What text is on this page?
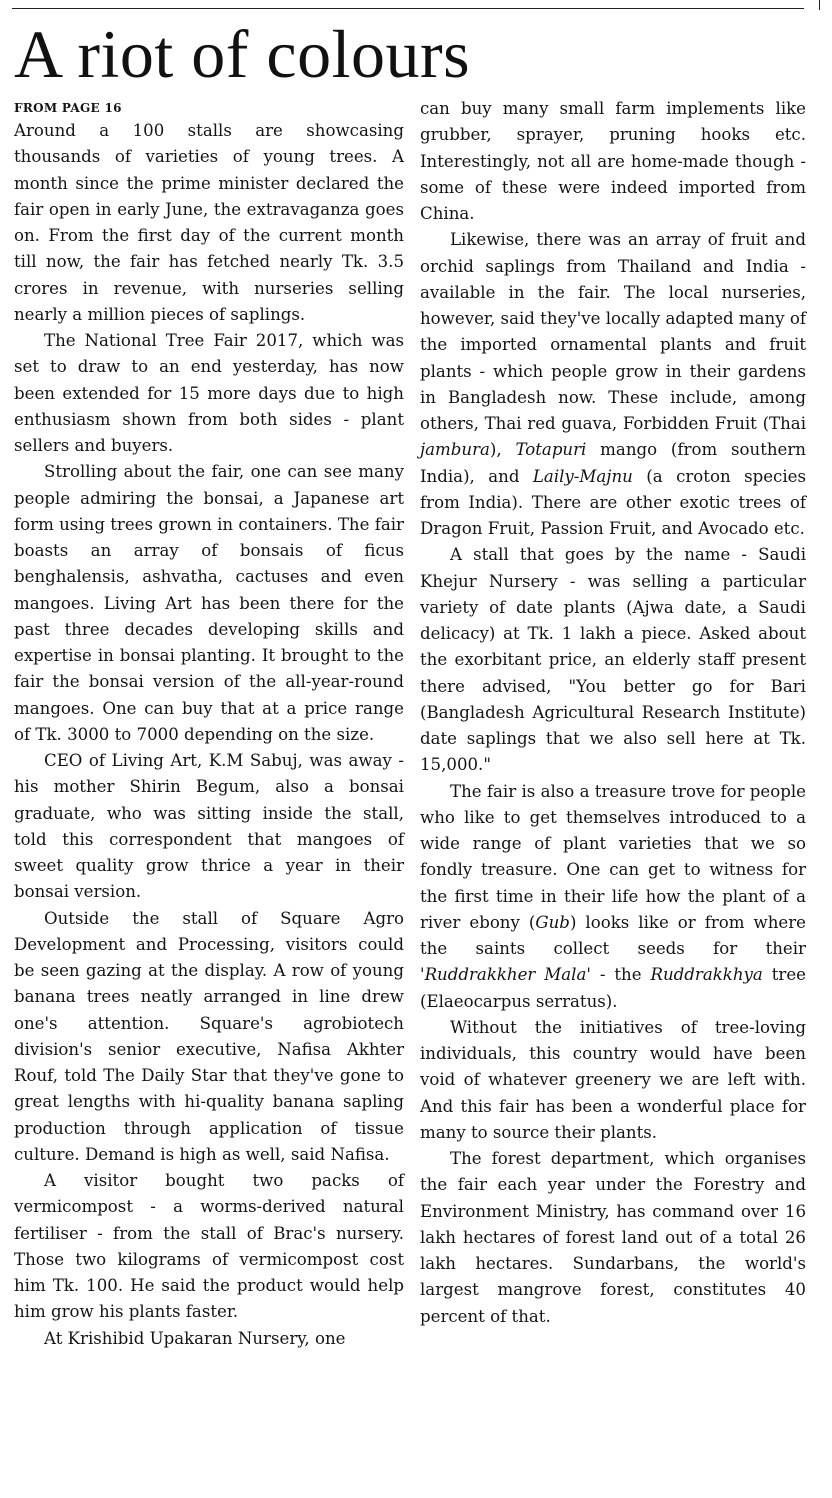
A riot of colours
FROM PAGE 16

Around a 100 stalls are showcasing thousands of varieties of young trees. A month since the prime minister declared the fair open in early June, the extravaganza goes on. From the first day of the current month till now, the fair has fetched nearly Tk. 3.5 crores in revenue, with nurseries selling nearly a million pieces of saplings.

The National Tree Fair 2017, which was set to draw to an end yesterday, has now been extended for 15 more days due to high enthusiasm shown from both sides - plant sellers and buyers.

Strolling about the fair, one can see many people admiring the bonsai, a Japanese art form using trees grown in containers. The fair boasts an array of bonsais of ficus benghalensis, ashvatha, cactuses and even mangoes. Living Art has been there for the past three decades developing skills and expertise in bonsai planting. It brought to the fair the bonsai version of the all-year-round mangoes. One can buy that at a price range of Tk. 3000 to 7000 depending on the size.

CEO of Living Art, K.M Sabuj, was away - his mother Shirin Begum, also a bonsai graduate, who was sitting inside the stall, told this correspondent that mangoes of sweet quality grow thrice a year in their bonsai version.

Outside the stall of Square Agro Development and Processing, visitors could be seen gazing at the display. A row of young banana trees neatly arranged in line drew one's attention. Square's agrobiotech division's senior executive, Nafisa Akhter Rouf, told The Daily Star that they've gone to great lengths with hi-quality banana sapling production through application of tissue culture. Demand is high as well, said Nafisa.

A visitor bought two packs of vermicompost - a worms-derived natural fertiliser - from the stall of Brac's nursery. Those two kilograms of vermicompost cost him Tk. 100. He said the product would help him grow his plants faster.

At Krishibid Upakaran Nursery, one

can buy many small farm implements like grubber, sprayer, pruning hooks etc. Interestingly, not all are home-made though - some of these were indeed imported from China.

Likewise, there was an array of fruit and orchid saplings from Thailand and India - available in the fair. The local nurseries, however, said they've locally adapted many of the imported ornamental plants and fruit plants - which people grow in their gardens in Bangladesh now. These include, among others, Thai red guava, Forbidden Fruit (Thai jambura), Totapuri mango (from southern India), and Laily-Majnu (a croton species from India). There are other exotic trees of Dragon Fruit, Passion Fruit, and Avocado etc.

A stall that goes by the name - Saudi Khejur Nursery - was selling a particular variety of date plants (Ajwa date, a Saudi delicacy) at Tk. 1 lakh a piece. Asked about the exorbitant price, an elderly staff present there advised, "You better go for Bari (Bangladesh Agricultural Research Institute) date saplings that we also sell here at Tk. 15,000."

The fair is also a treasure trove for people who like to get themselves introduced to a wide range of plant varieties that we so fondly treasure. One can get to witness for the first time in their life how the plant of a river ebony (Gub) looks like or from where the saints collect seeds for their 'Ruddrakkher Mala' - the Ruddrakkhya tree (Elaeocarpus serratus).

Without the initiatives of tree-loving individuals, this country would have been void of whatever greenery we are left with. And this fair has been a wonderful place for many to source their plants.

The forest department, which organises the fair each year under the Forestry and Environment Ministry, has command over 16 lakh hectares of forest land out of a total 26 lakh hectares. Sundarbans, the world's largest mangrove forest, constitutes 40 percent of that.
